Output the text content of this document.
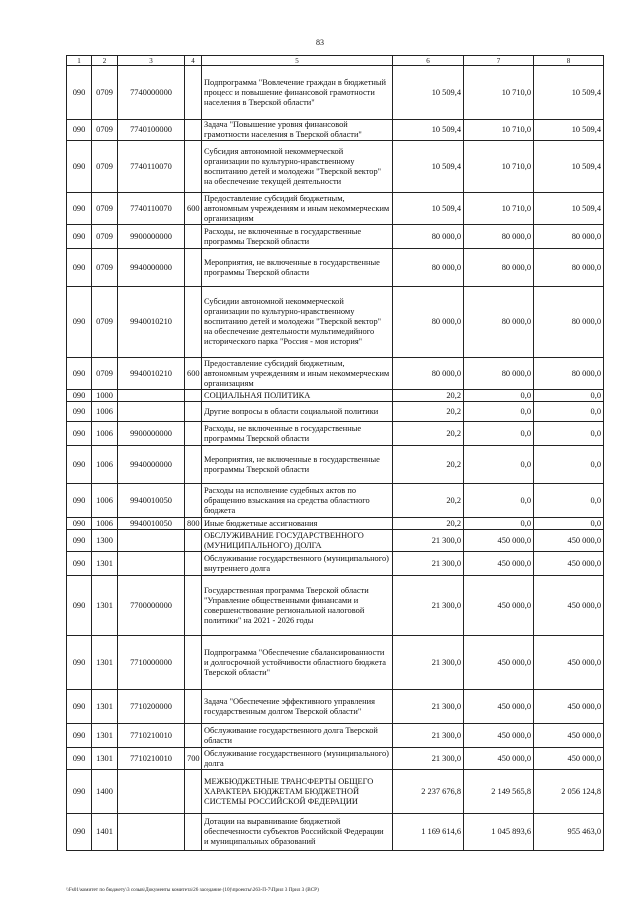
83
1	2	3	4	5	6	7	8
090	0709	7740000000		Подпрограмма "Вовлечение граждан в бюджетный процесс и повышение финансовой грамотности населения в Тверской области"	10 509,4	10 710,0	10 509,4
090	0709	7740100000		Задача "Повышение уровня финансовой грамотности населения в Тверской области"	10 509,4	10 710,0	10 509,4
090	0709	7740110070		Субсидия автономной некоммерческой организации по культурно-нравственному воспитанию детей и молодежи "Тверской вектор" на обеспечение текущей деятельности	10 509,4	10 710,0	10 509,4
090	0709	7740110070	600	Предоставление субсидий бюджетным, автономным учреждениям и иным некоммерческим организациям	10 509,4	10 710,0	10 509,4
090	0709	9900000000		Расходы, не включенные в государственные программы Тверской области	80 000,0	80 000,0	80 000,0
090	0709	9940000000		Мероприятия, не включенные в государственные программы Тверской области	80 000,0	80 000,0	80 000,0
090	0709	9940010210		Субсидии автономной некоммерческой организации по культурно-нравственному воспитанию детей и молодежи "Тверской вектор" на обеспечение деятельности мультимедийного исторического парка "Россия - моя история"	80 000,0	80 000,0	80 000,0
090	0709	9940010210	600	Предоставление субсидий бюджетным, автономным учреждениям и иным некоммерческим организациям	80 000,0	80 000,0	80 000,0
090	1000			СОЦИАЛЬНАЯ ПОЛИТИКА	20,2	0,0	0,0
090	1006			Другие вопросы в области социальной политики	20,2	0,0	0,0
090	1006	9900000000		Расходы, не включенные в государственные программы Тверской области	20,2	0,0	0,0
090	1006	9940000000		Мероприятия, не включенные в государственные программы Тверской области	20,2	0,0	0,0
090	1006	9940010050		Расходы на исполнение судебных актов по обращению взыскания на средства областного бюджета	20,2	0,0	0,0
090	1006	9940010050	800	Иные бюджетные ассигнования	20,2	0,0	0,0
090	1300			ОБСЛУЖИВАНИЕ ГОСУДАРСТВЕННОГО (МУНИЦИПАЛЬНОГО) ДОЛГА	21 300,0	450 000,0	450 000,0
090	1301			Обслуживание государственного (муниципального) внутреннего долга	21 300,0	450 000,0	450 000,0
090	1301	7700000000		Государственная программа Тверской области "Управление общественными финансами и совершенствование региональной налоговой политики" на 2021 - 2026 годы	21 300,0	450 000,0	450 000,0
090	1301	7710000000		Подпрограмма "Обеспечение сбалансированности и долгосрочной устойчивости областного бюджета Тверской области"	21 300,0	450 000,0	450 000,0
090	1301	7710200000		Задача "Обеспечение эффективного управления государственным долгом Тверской области"	21 300,0	450 000,0	450 000,0
090	1301	7710210010		Обслуживание государственного долга Тверской области	21 300,0	450 000,0	450 000,0
090	1301	7710210010	700	Обслуживание государственного (муниципального) долга	21 300,0	450 000,0	450 000,0
090	1400			МЕЖБЮДЖЕТНЫЕ ТРАНСФЕРТЫ ОБЩЕГО ХАРАКТЕРА БЮДЖЕТАМ БЮДЖЕТНОЙ СИСТЕМЫ РОССИЙСКОЙ ФЕДЕРАЦИИ	2 237 676,8	2 149 565,8	2 056 124,8
090	1401			Дотации на выравнивание бюджетной обеспеченности субъектов Российской Федерации и муниципальных образований	1 169 614,6	1 045 893,6	955 463,0
\\Fs01\комитет по бюджету\3 созыв\Документы комитета\26 заседание (10)\проекты\263-П-7\Прил 3 Прил 3 (ВСР)
